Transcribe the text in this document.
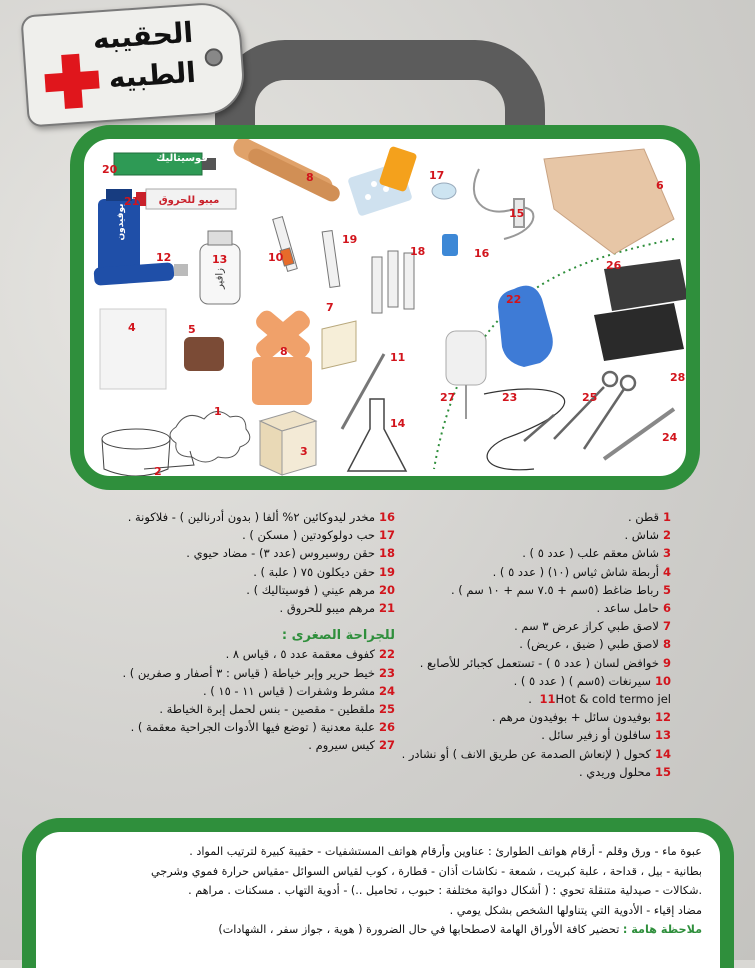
الحقيبه
الطبيه
فوسيتاليك
ميبو للحروق
بوفيدون
زافير
20
21
12	13
8	17
15
6
16
10
19
18
26
4	5
7
8
22
11
28
27	23	25
1
3
14
24
2
1قطن .
2شاش .
3شاش معقم علب ( عدد ٥ ) .
4أربطة شاش ثياس (١٠) ( عدد ٥ ) .
5رباط ضاغط (٥سم + ٧.٥ سم + ١٠ سم ) .
6حامل ساعد .
7لاصق طبي كراز عرض ٣ سم .
8لاصق طبي ( ضيق ، عريض) .
9خوافض لسان ( عدد ٥ ) - تستعمل كجبائر للأصابع .
10سيرنغات (٥سم ) ( عدد ٥ ) .
11Hot & cold termo jel .
12بوفيدون سائل + بوفيدون مرهم .
13سافلون أو زفير سائل .
14كحول ( لإنعاش الصدمة عن طريق الانف ) أو نشادر .
15محلول وريدي .
16مخدر ليدوكائين ٢% ألفا ( بدون أدرنالين ) - فلاكونة .
17حب دولوكودتين ( مسكن ) .
18حقن روسيروس (عدد ٣) - مضاد حيوي .
19حقن ديكلون ٧٥ ( علبة ) .
20مرهم عيني ( فوسيتاليك ) .
21مرهم ميبو للحروق .
للجراحة الصغرى :
22كفوف معقمة عدد ٥ ، قياس ٨ .
23خيط حرير وإبر خياطة ( قياس : ٣ أصفار و صفرين ) .
24مشرط وشفرات ( قياس ١١ - ١٥ ) .
25ملقطين - مقصين - بنس لحمل إبرة الخياطة .
26علبة معدنية ( توضع فيها الأدوات الجراحية معقمة ) .
27كيس سيروم .
عبوة ماء - ورق وقلم - أرقام هواتف الطوارئ : عناوين وأرقام هواتف المستشفيات - حقيبة كبيرة لترتيب المواد .
بطانية - بيل ، قداحة ، علبة كبريت ، شمعة - نكاشات أذان - قطارة ، كوب لقياس السوائل -مقياس حرارة فموي وشرجي
.شكالات - صيدلية متنقلة تحوي : ( أشكال دوائية مختلفة : حبوب ، تحاميل ..) - أدوية التهاب . مسكنات . مراهم .
مضاد إقياء - الأدوية التي يتناولها الشخص بشكل يومي .
ملاحظة هامة : تحضير كافة الأوراق الهامة لاصطحابها في حال الضرورة ( هوية ، جواز سفر ، الشهادات)
